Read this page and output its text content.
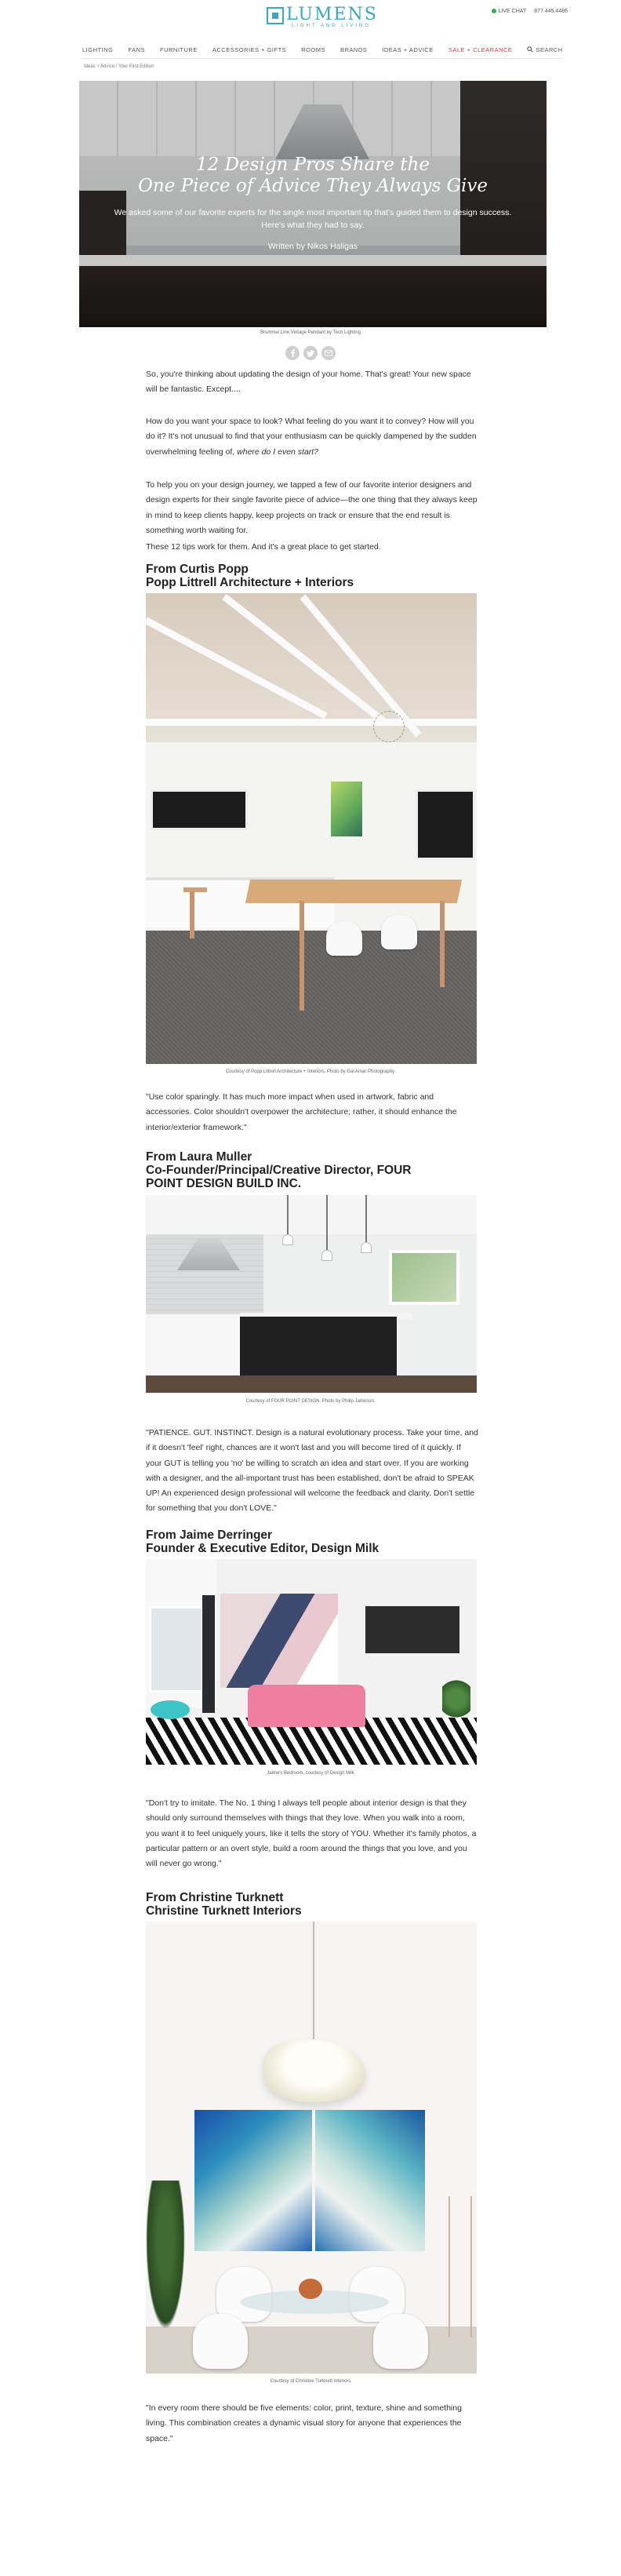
LUMENS
LIGHT AND LIVING
LIVE CHAT 877.445.4486
LIGHTING	FANS	FURNITURE	ACCESSORIES + GIFTS	ROOMS	BRANDS	IDEAS + ADVICE	SALE + CLEARANCE	SEARCH
Ideas + Advice / Your First Edition
12 Design Pros Share the
One Piece of Advice They Always Give
We asked some of our favorite experts for the single most important tip that's guided them to design success.
Here's what they had to say.
Written by Nikos Haligas
Brummel Line Vintage Pendant by Tech Lighting
So, you're thinking about updating the design of your home. That's great! Your new space will be fantastic. Except....
How do you want your space to look? What feeling do you want it to convey? How will you do it? It's not unusual to find that your enthusiasm can be quickly dampened by the sudden overwhelming feeling of, where do I even start?
To help you on your design journey, we tapped a few of our favorite interior designers and design experts for their single favorite piece of advice—the one thing that they always keep in mind to keep clients happy, keep projects on track or ensure that the end result is something worth waiting for.
These 12 tips work for them. And it's a great place to get started.
From Curtis Popp
Popp Littrell Architecture + Interiors
Courtesy of Popp Littrell Architecture + Interiors. Photo by Gal Amar Photography.
"Use color sparingly. It has much more impact when used in artwork, fabric and accessories. Color shouldn't overpower the architecture; rather, it should enhance the interior/exterior framework."
From Laura Muller
Co-Founder/Principal/Creative Director, FOUR
POINT DESIGN BUILD INC.
Courtesy of FOUR POINT DESIGN. Photo by Philip Jameson.
"PATIENCE. GUT. INSTINCT. Design is a natural evolutionary process. Take your time, and if it doesn't 'feel' right, chances are it won't last and you will become tired of it quickly. If your GUT is telling you 'no' be willing to scratch an idea and start over. If you are working with a designer, and the all-important trust has been established, don't be afraid to SPEAK UP! An experienced design professional will welcome the feedback and clarity. Don't settle for something that you don't LOVE."
From Jaime Derringer
Founder & Executive Editor, Design Milk
Jaime's Bedroom, courtesy of Design Milk
"Don't try to imitate. The No. 1 thing I always tell people about interior design is that they should only surround themselves with things that they love. When you walk into a room, you want it to feel uniquely yours, like it tells the story of YOU. Whether it's family photos, a particular pattern or an overt style, build a room around the things that you love, and you will never go wrong."
From Christine Turknett
Christine Turknett Interiors
Courtesy of Christine Turknett Interiors
"In every room there should be five elements: color, print, texture, shine and something living. This combination creates a dynamic visual story for anyone that experiences the space."
